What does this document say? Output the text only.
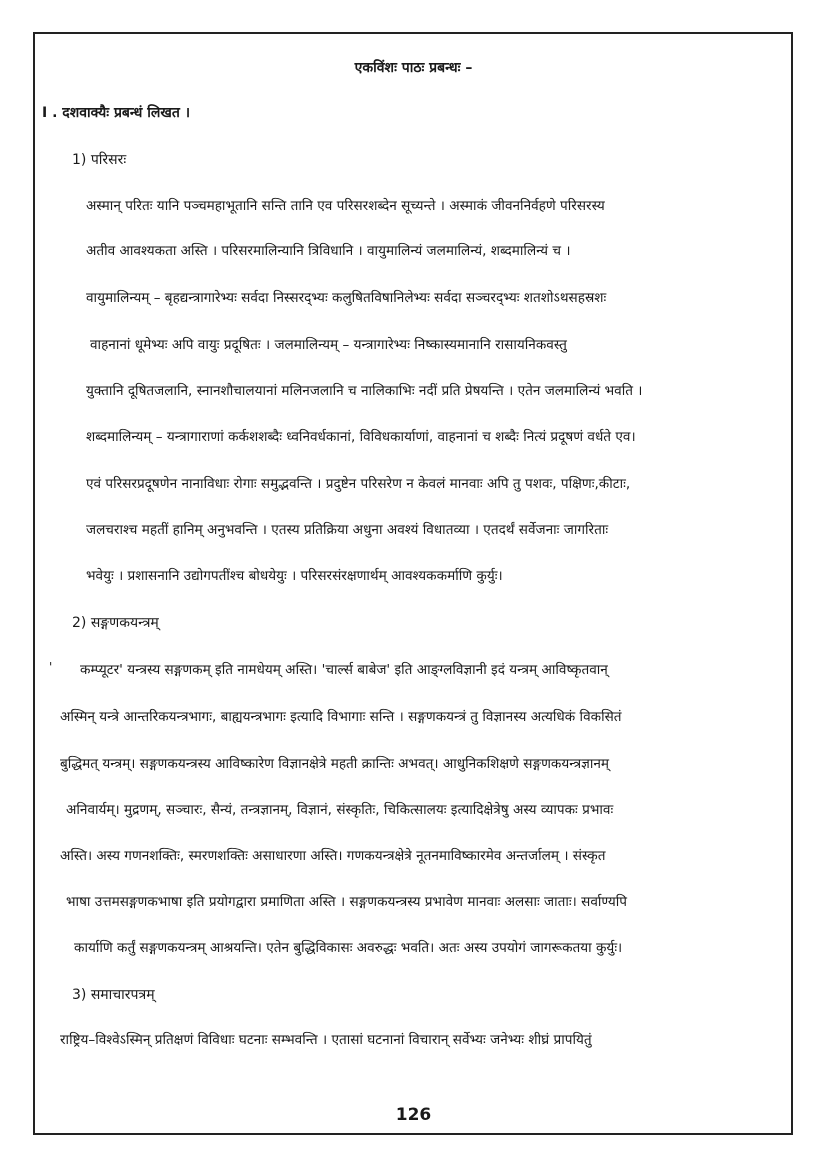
एकविंशः पाठः प्रबन्धः –
I . दशवाक्यैः प्रबन्धं लिखत ।
1) परिसरः
अस्मान् परितः यानि पञ्चमहाभूतानि सन्ति तानि एव परिसरशब्देन सूच्यन्ते । अस्माकं जीवननिर्वहणे परिसरस्य
अतीव आवश्यकता अस्ति । परिसरमालिन्यानि त्रिविधानि । वायुमालिन्यं जलमालिन्यं, शब्दमालिन्यं च ।
वायुमालिन्यम् – बृहद्यन्त्रागारेभ्यः सर्वदा निस्सरद्भ्यः कलुषितविषानिलेभ्यः सर्वदा सञ्चरद्भ्यः शतशोऽथसहस्रशः
वाहनानां धूमेभ्यः अपि वायुः प्रदूषितः । जलमालिन्यम् – यन्त्रागारेभ्यः निष्कास्यमानानि रासायनिकवस्तु
युक्तानि दूषितजलानि, स्नानशौचालयानां मलिनजलानि च नालिकाभिः नदीं प्रति प्रेषयन्ति । एतेन जलमालिन्यं भवति ।
शब्दमालिन्यम् – यन्त्रागाराणां कर्कशशब्दैः ध्वनिवर्धकानां, विविधकार्याणां, वाहनानां च शब्दैः नित्यं प्रदूषणं वर्धते एव।
एवं परिसरप्रदूषणेन नानाविधाः रोगाः समुद्भवन्ति । प्रदुष्टेन परिसरेण न केवलं मानवाः अपि तु पशवः, पक्षिणः,कीटाः,
जलचराश्च महतीं हानिम् अनुभवन्ति । एतस्य प्रतिक्रिया अधुना अवश्यं विधातव्या । एतदर्थं सर्वेजनाः जागरिताः
भवेयुः । प्रशासनानि उद्योगपतींश्च बोधयेयुः । परिसरसंरक्षणार्थम् आवश्यककर्माणि कुर्युः।
2) सङ्गणकयन्त्रम्
' कम्प्यूटर' यन्त्रस्य सङ्गणकम् इति नामधेयम् अस्ति। 'चार्ल्स बाबेज' इति आङ्ग्लविज्ञानी इदं यन्त्रम् आविष्कृतवान्
अस्मिन् यन्त्रे आन्तरिकयन्त्रभागः, बाह्ययन्त्रभागः इत्यादि विभागाः सन्ति । सङ्गणकयन्त्रं तु विज्ञानस्य अत्यधिकं विकसितं
बुद्धिमत् यन्त्रम्। सङ्गणकयन्त्रस्य आविष्कारेण विज्ञानक्षेत्रे महती क्रान्तिः अभवत्। आधुनिकशिक्षणे सङ्गणकयन्त्रज्ञानम्
अनिवार्यम्। मुद्रणम्, सञ्चारः, सैन्यं, तन्त्रज्ञानम्, विज्ञानं, संस्कृतिः, चिकित्सालयः इत्यादिक्षेत्रेषु अस्य व्यापकः प्रभावः
अस्ति। अस्य गणनशक्तिः, स्मरणशक्तिः असाधारणा अस्ति। गणकयन्त्रक्षेत्रे नूतनमाविष्कारमेव अन्तर्जालम् । संस्कृत
भाषा उत्तमसङ्गणकभाषा इति प्रयोगद्वारा प्रमाणिता अस्ति । सङ्गणकयन्त्रस्य प्रभावेण मानवाः अलसाः जाताः। सर्वाण्यपि
कार्याणि कर्तुं सङ्गणकयन्त्रम् आश्रयन्ति। एतेन बुद्धिविकासः अवरुद्धः भवति। अतः अस्य उपयोगं जागरूकतया कुर्युः।
3) समाचारपत्रम्
राष्ट्रिय–विश्वेऽस्मिन् प्रतिक्षणं विविधाः घटनाः सम्भवन्ति । एतासां घटनानां विचारान् सर्वेभ्यः जनेभ्यः शीघ्रं प्रापयितुं
126
